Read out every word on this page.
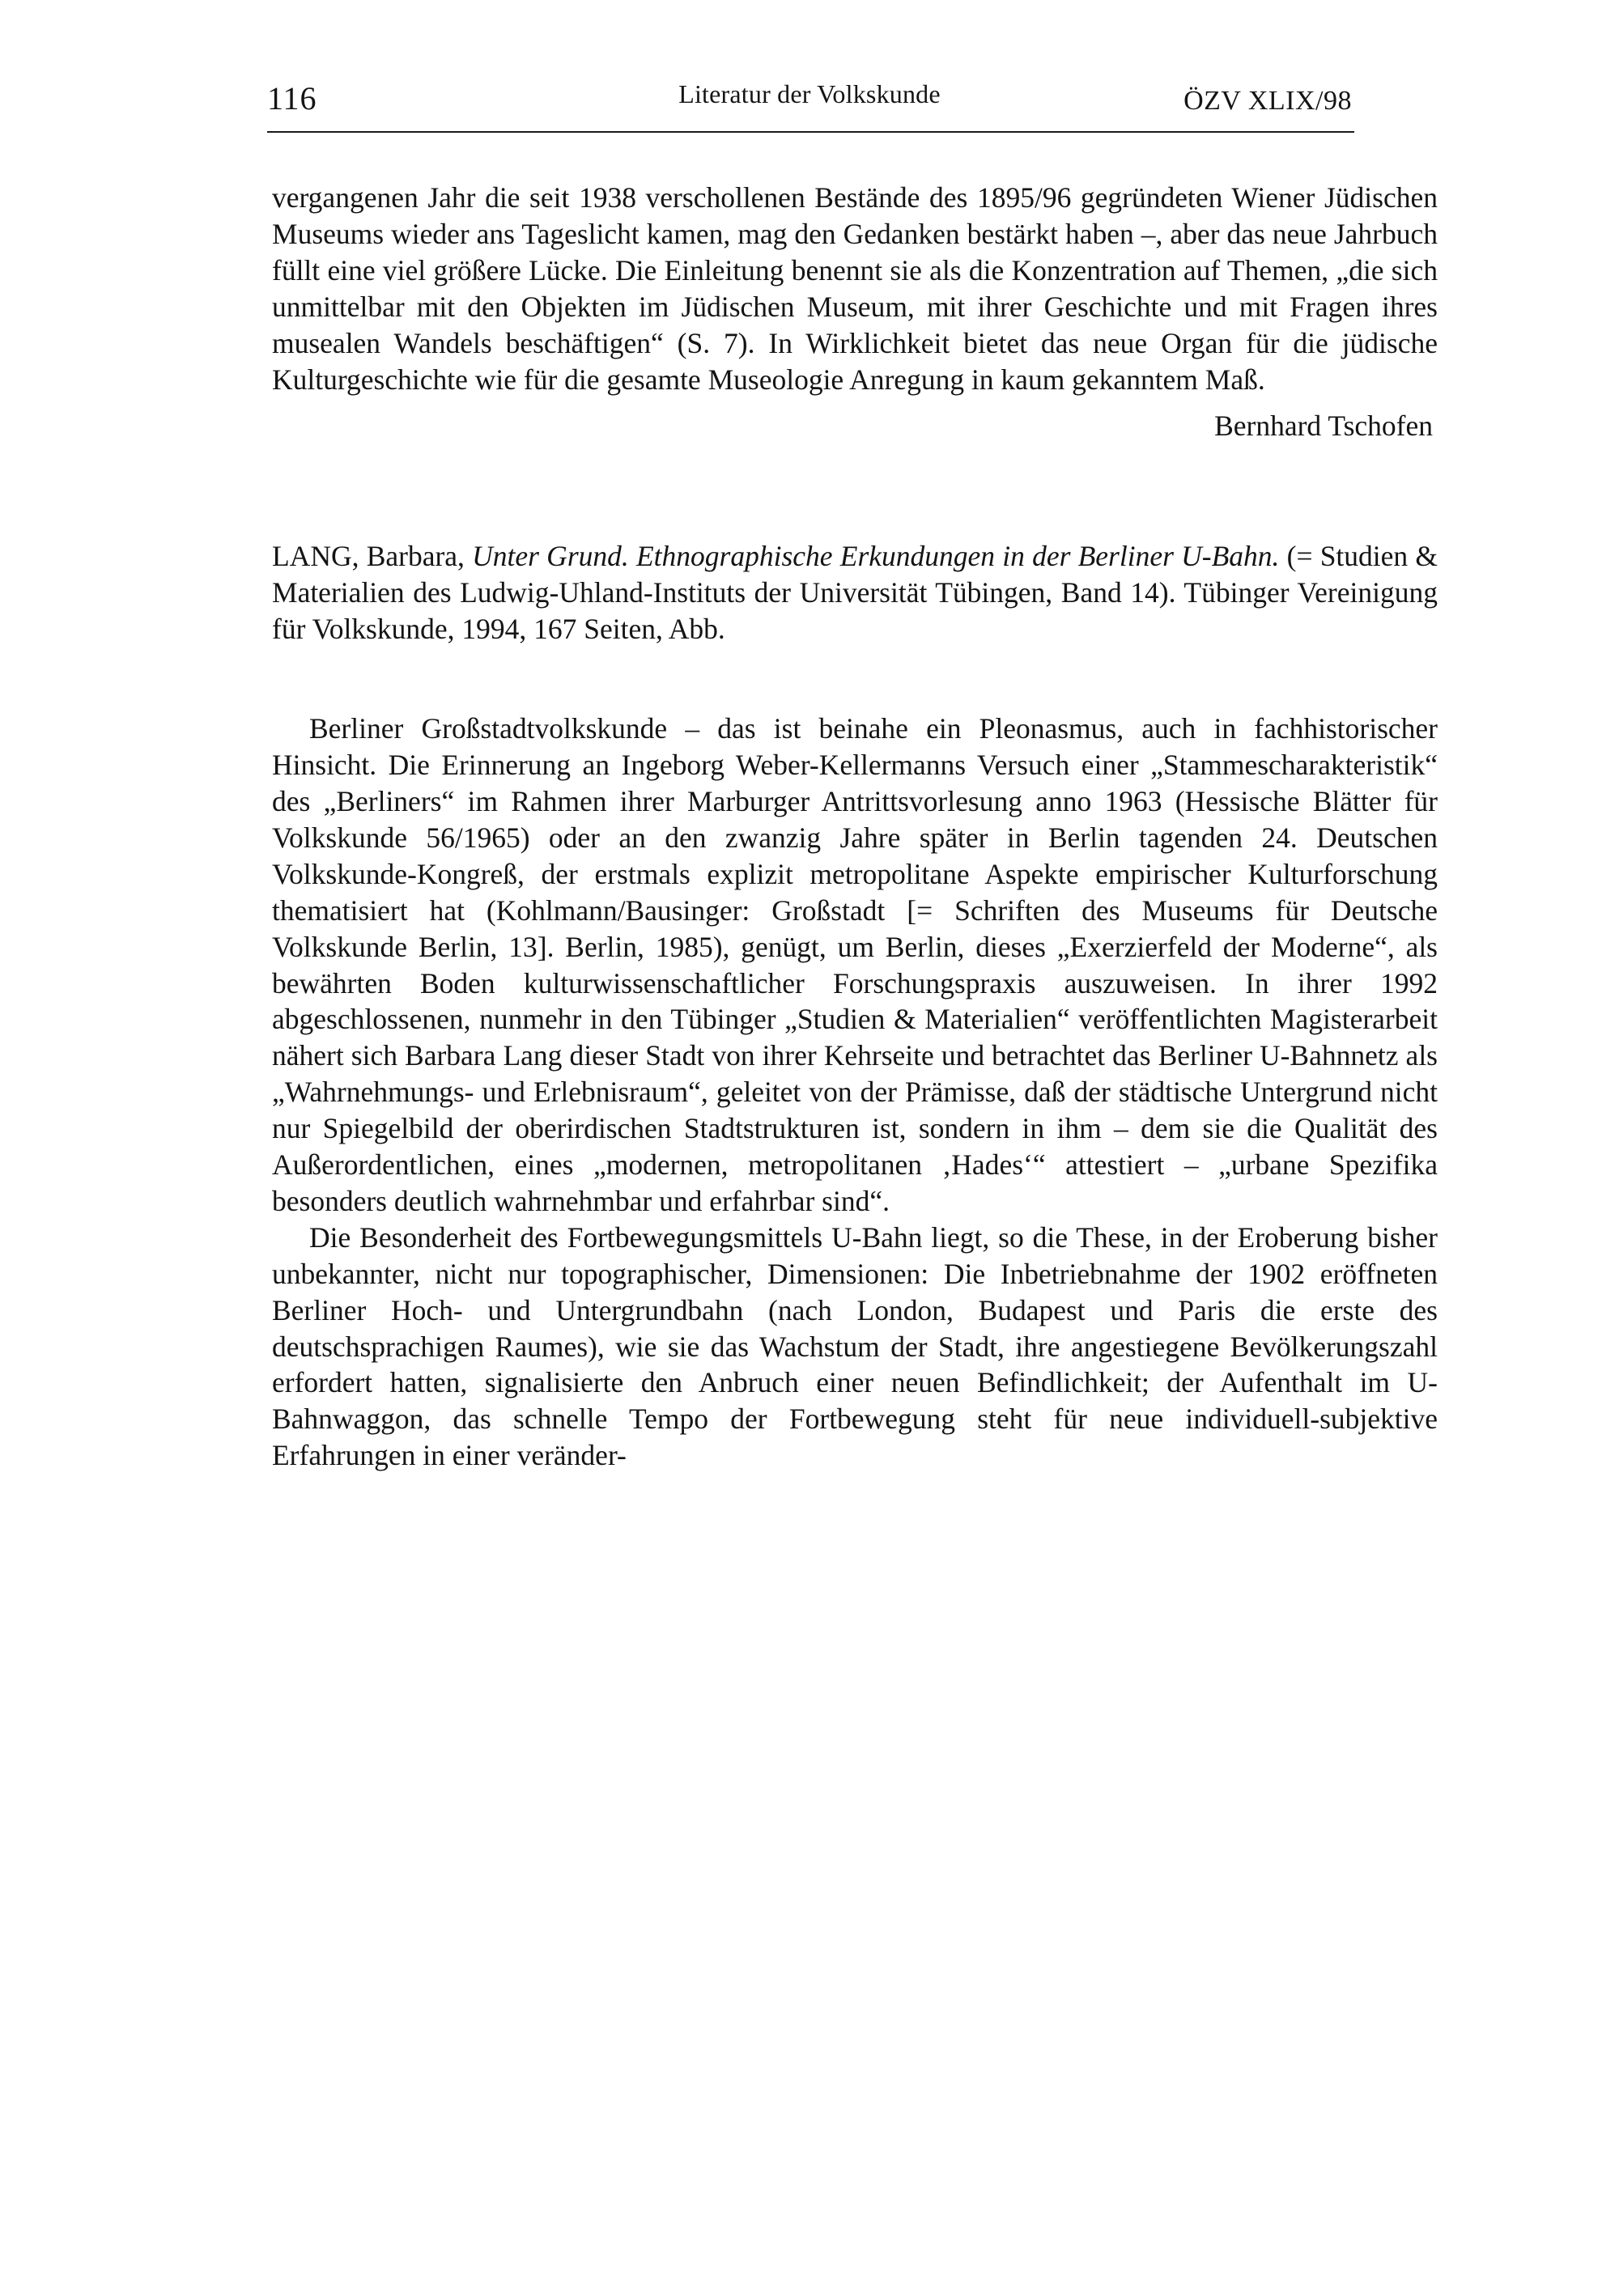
116	Literatur der Volkskunde	ÖZV XLIX/98

vergangenen Jahr die seit 1938 verschollenen Bestände des 1895/96 gegründeten Wiener Jüdischen Museums wieder ans Tageslicht kamen, mag den Gedanken bestärkt haben –, aber das neue Jahrbuch füllt eine viel größere Lücke. Die Einleitung benennt sie als die Konzentration auf Themen, „die sich unmittelbar mit den Objekten im Jüdischen Museum, mit ihrer Geschichte und mit Fragen ihres musealen Wandels beschäftigen“ (S. 7). In Wirklichkeit bietet das neue Organ für die jüdische Kulturgeschichte wie für die gesamte Museologie Anregung in kaum gekanntem Maß.

Bernhard Tschofen
LANG, Barbara, Unter Grund. Ethnographische Erkundungen in der Berliner U-Bahn. (= Studien & Materialien des Ludwig-Uhland-Instituts der Universität Tübingen, Band 14). Tübinger Vereinigung für Volkskunde, 1994, 167 Seiten, Abb.

Berliner Großstadtvolkskunde – das ist beinahe ein Pleonasmus, auch in fachhistorischer Hinsicht. Die Erinnerung an Ingeborg Weber-Kellermanns Versuch einer „Stammescharakteristik“ des „Berliners“ im Rahmen ihrer Marburger Antrittsvorlesung anno 1963 (Hessische Blätter für Volkskunde 56/1965) oder an den zwanzig Jahre später in Berlin tagenden 24. Deutschen Volkskunde-Kongreß, der erstmals explizit metropolitane Aspekte empirischer Kulturforschung thematisiert hat (Kohlmann/Bausinger: Großstadt [= Schriften des Museums für Deutsche Volkskunde Berlin, 13]. Berlin, 1985), genügt, um Berlin, dieses „Exerzierfeld der Moderne“, als bewährten Boden kulturwissenschaftlicher Forschungspraxis auszuweisen. In ihrer 1992 abgeschlossenen, nunmehr in den Tübinger „Studien & Materialien“ veröffentlichten Magisterarbeit nähert sich Barbara Lang dieser Stadt von ihrer Kehrseite und betrachtet das Berliner U-Bahnnetz als „Wahrnehmungs- und Erlebnisraum“, geleitet von der Prämisse, daß der städtische Untergrund nicht nur Spiegelbild der oberirdischen Stadtstrukturen ist, sondern in ihm – dem sie die Qualität des Außerordentlichen, eines „modernen, metropolitanen ‚Hades‘“ attestiert – „urbane Spezifika besonders deutlich wahrnehmbar und erfahrbar sind“.

Die Besonderheit des Fortbewegungsmittels U-Bahn liegt, so die These, in der Eroberung bisher unbekannter, nicht nur topographischer, Dimensionen: Die Inbetriebnahme der 1902 eröffneten Berliner Hoch- und Untergrundbahn (nach London, Budapest und Paris die erste des deutschsprachigen Raumes), wie sie das Wachstum der Stadt, ihre angestiegene Bevölkerungszahl erfordert hatten, signalisierte den Anbruch einer neuen Befindlichkeit; der Aufenthalt im U-Bahnwaggon, das schnelle Tempo der Fortbewegung steht für neue individuell-subjektive Erfahrungen in einer veränder-
